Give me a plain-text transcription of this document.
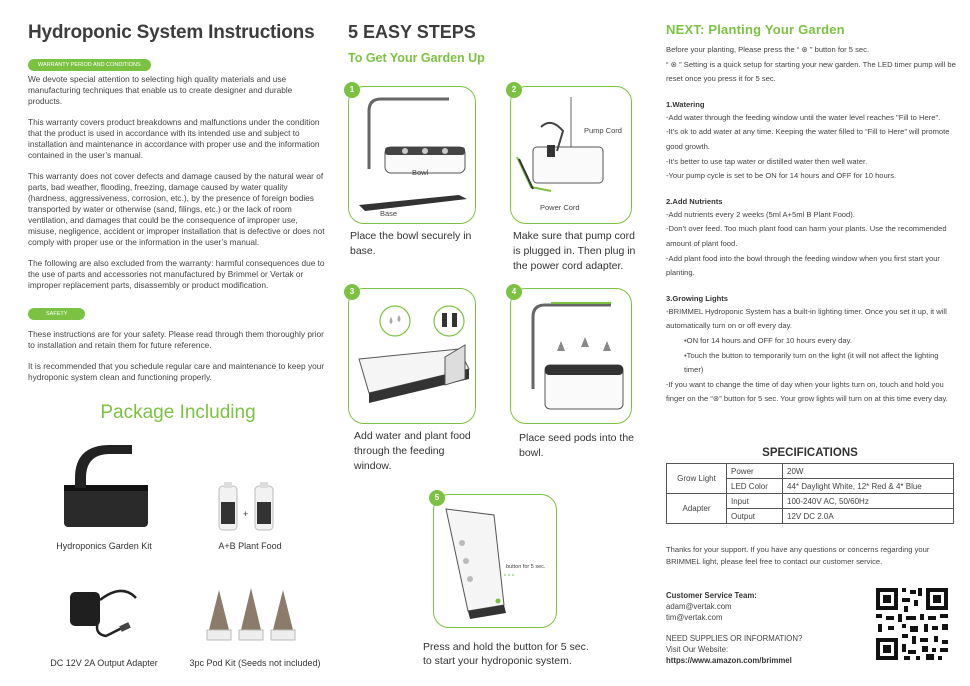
Hydroponic System Instructions
WARRANTY PERIOD AND CONDITIONS

We devote special attention to selecting high quality materials and use manufacturing techniques that enable us to create designer and durable products.

This warranty covers product breakdowns and malfunctions under the condition that the product is used in accordance with its intended use and subject to installation and maintenance in accordance with proper use and the information contained in the user’s manual.

This warranty does not cover defects and damage caused by the natural wear of parts, bad weather, flooding, freezing, damage caused by water quality (hardness, aggressiveness, corrosion, etc.), by the presence of foreign bodies transported by water or otherwise (sand, filings, etc.) or the lack of room ventilation, and damages that could be the consequence of improper use, misuse, negligence, accident or improper installation that is defective or does not comply with proper use or the information in the user’s manual.

The following are also excluded from the warranty: harmful consequences due to the use of parts and accessories not manufactured by Brimmel or Vertak or improper replacement parts, disassembly or product modification.

SAFETY

These instructions are for your safety. Please read through them thoroughly prior to installation and retain them for future reference.

It is recommended that you schedule regular care and maintenance to keep your hydroponic system clean and functioning properly.

Package Including
Hydroponics Garden Kit
+
A+B Plant Food
DC 12V 2A Output Adapter	3pc Pod Kit (Seeds not included)
5 EASY STEPS
To Get Your Garden Up
1
Bowl
Base
Place the bowl securely in base.
2
Pump Cord
Power Cord
Make sure that pump cord is plugged in. Then plug in the power cord adapter.
3
Add water and plant food through the feeding window.
4
Place seed pods into the bowl.
5
button for 5 sec.
Press and hold the button for 5 sec. to start your hydroponic system.
NEXT: Planting Your Garden

Before your planting, Please press the “ ⊛ ” button for 5 sec.

“ ⊛ ” Setting is a quick setup for starting your new garden. The LED timer pump will be reset once you press it for 5 sec.

1.Watering

-Add water through the feeding window until the water level reaches "Fill to Here".

-It’s ok to add water at any time. Keeping the water filled to “Fill to Here” will promote good growth.

-It’s better to use tap water or distilled water then well water.

-Your pump cycle is set to be ON for 14 hours and OFF for 10 hours.

2.Add Nutrients

-Add nutrients every 2 weeks (5ml A+5ml B Plant Food).

-Don’t over feed. Too much plant food can harm your plants. Use the recommended amount of plant food.

-Add plant food into the bowl through the feeding window when you first start your planting.

3.Growing Lights

-BRIMMEL Hydroponic System has a built-in lighting timer. Once you set it up, it will automatically turn on or off every day.

•ON for 14 hours and OFF for 10 hours every day.

•Touch the button to temporarily turn on the light (it will not affect the lighting timer)

-If you want to change the time of day when your lights turn on, touch and hold you finger on the “⊛” button for 5 sec. Your grow lights will turn on at this time every day.

SPECIFICATIONS
Grow Light	Power	20W
	LED Color	44* Daylight White, 12* Red & 4* Blue
Adapter	Input	100-240V AC, 50/60Hz
	Output	12V DC 2.0A

Thanks for your support. If you have any questions or concerns regarding your BRIMMEL light, please feel free to contact our customer service.

Customer Service Team:
adam@vertak.com
tim@vertak.com
NEED SUPPLIES OR INFORMATION?
Visit Our Website:
https://www.amazon.com/brimmel
